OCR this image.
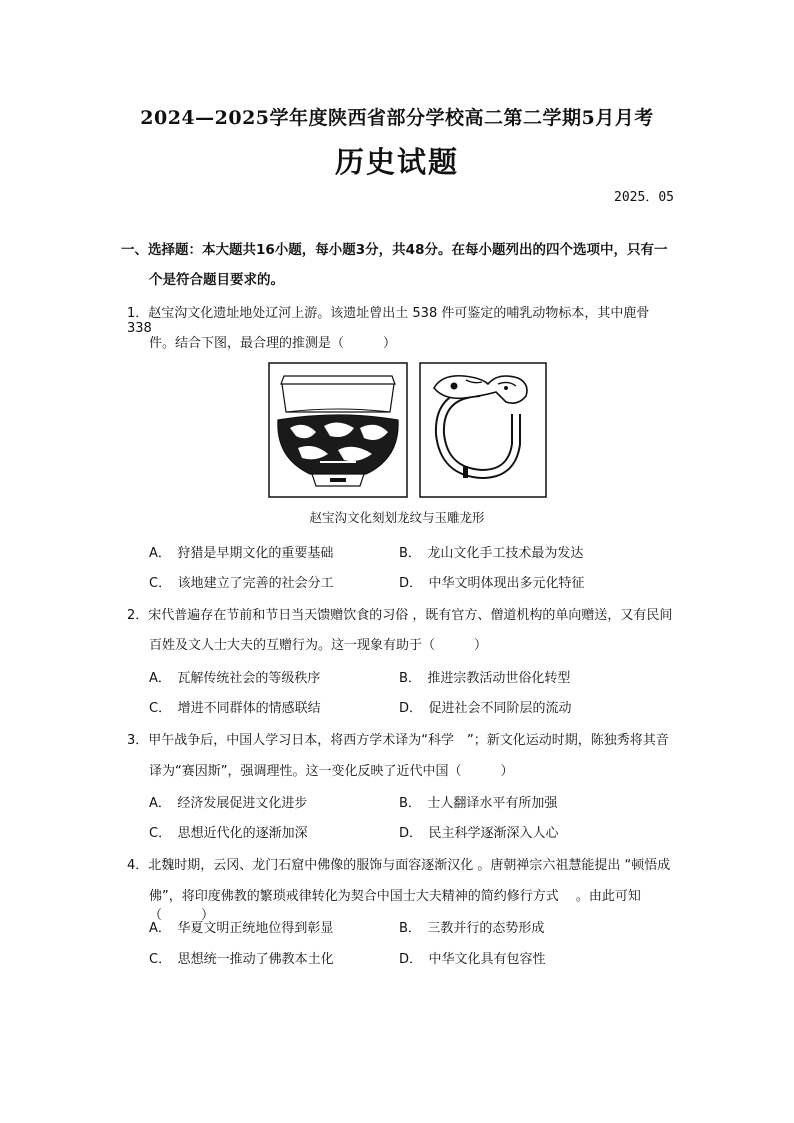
2024—2025学年度陕西省部分学校高二第二学期5月月考
历史试题
2025．05
一、选择题：本大题共16小题，每小题3分，共48分。在每小题列出的四个选项中，只有一
个是符合题目要求的。
1．赵宝沟文化遗址地处辽河上游。该遗址曾出土 538 件可鉴定的哺乳动物标本，其中鹿骨 338
件。结合下图，最合理的推测是（　　　）
赵宝沟文化刻划龙纹与玉雕龙形
A．　狩猎是早期文化的重要基础	B．　龙山文化手工技术最为发达
C．　该地建立了完善的社会分工	D．　中华文明体现出多元化特征
2．宋代普遍存在节前和节日当天馈赠饮食的习俗 ，既有官方、僧道机构的单向赠送，又有民间
百姓及文人士大夫的互赠行为。这一现象有助于（　　　）
A．　瓦解传统社会的等级秩序	B．　推进宗教活动世俗化转型
C．　增进不同群体的情感联结	D．　促进社会不同阶层的流动
3．甲午战争后，中国人学习日本，将西方学术译为“科学　”；新文化运动时期，陈独秀将其音
译为“赛因斯”，强调理性。这一变化反映了近代中国（　　　）
A．　经济发展促进文化进步	B．　士人翻译水平有所加强
C．　思想近代化的逐渐加深	D．　民主科学逐渐深入人心
4．北魏时期，云冈、龙门石窟中佛像的服饰与面容逐渐汉化 。唐朝禅宗六祖慧能提出 “顿悟成
佛”，将印度佛教的繁琐戒律转化为契合中国士大夫精神的简约修行方式 　。由此可知（　　　）
A．　华夏文明正统地位得到彰显	B．　三教并行的态势形成
C．　思想统一推动了佛教本土化	D．　中华文化具有包容性
